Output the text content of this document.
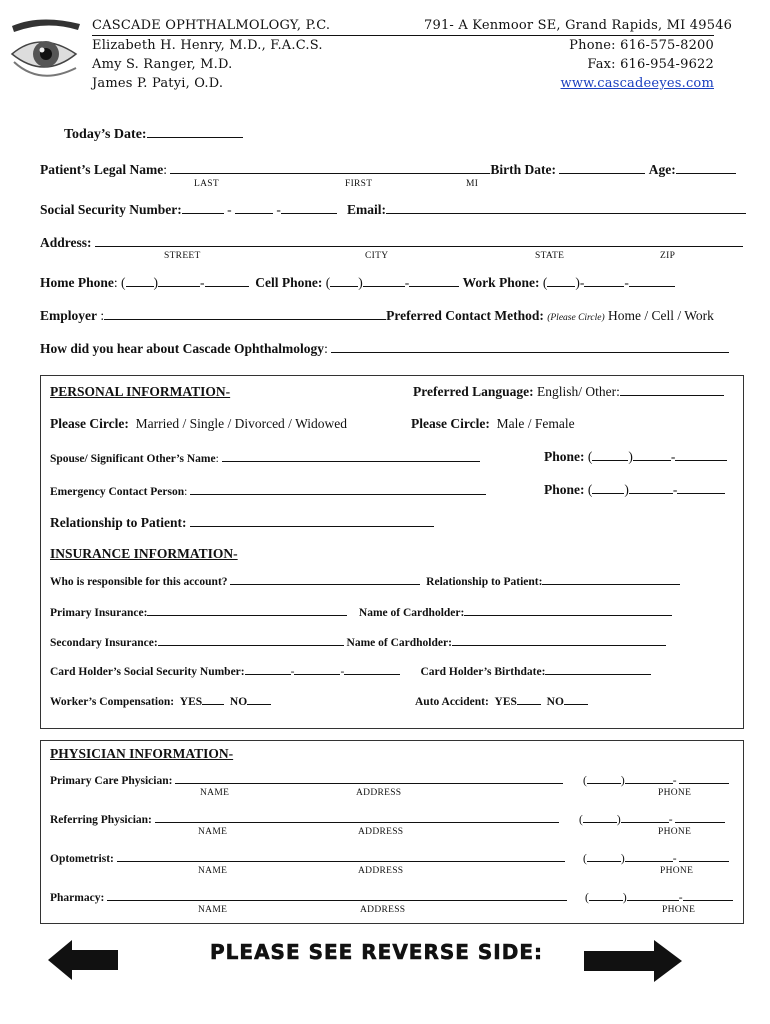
CASCADE OPHTHALMOLOGY, P.C.
Elizabeth H. Henry, M.D., F.A.C.S.
Amy S. Ranger, M.D.
James P. Patyi, O.D.
791- A Kenmoor SE, Grand Rapids, MI 49546
Phone: 616-575-8200
Fax: 616-954-9622
www.cascadeeyes.com
Today’s Date:
Patient’s Legal Name:	Birth Date:	Age:
LAST	FIRST	MI
Social Security Number:	-	-	Email:
Address:
STREET	CITY	STATE	ZIP
Home Phone: ( )	-	Cell Phone: ( )	-	Work Phone: ( )-	-
Employer :	Preferred Contact Method: (Please Circle) Home / Cell / Work
How did you hear about Cascade Ophthalmology:
PERSONAL INFORMATION-	Preferred Language: English/ Other:
Please Circle: Married / Single / Divorced / Widowed	Please Circle: Male / Female
Spouse/ Significant Other’s Name:	Phone: (	)	-
Emergency Contact Person:	Phone: ( )	-
Relationship to Patient:
INSURANCE INFORMATION-
Who is responsible for this account?	Relationship to Patient:
Primary Insurance:	Name of Cardholder:
Secondary Insurance:	Name of Cardholder:
Card Holder’s Social Security Number:	-	-	Card Holder’s Birthdate:
Worker’s Compensation: YES NO	Auto Accident: YES	NO
PHYSICIAN INFORMATION-
Primary Care Physician:	(	)	-
NAME	ADDRESS	PHONE
Referring Physician:	(	)	-
NAME	ADDRESS	PHONE
Optometrist:	(	)	-
NAME	ADDRESS	PHONE
Pharmacy:	(	)	-
NAME	ADDRESS	PHONE
PLEASE SEE REVERSE SIDE:
